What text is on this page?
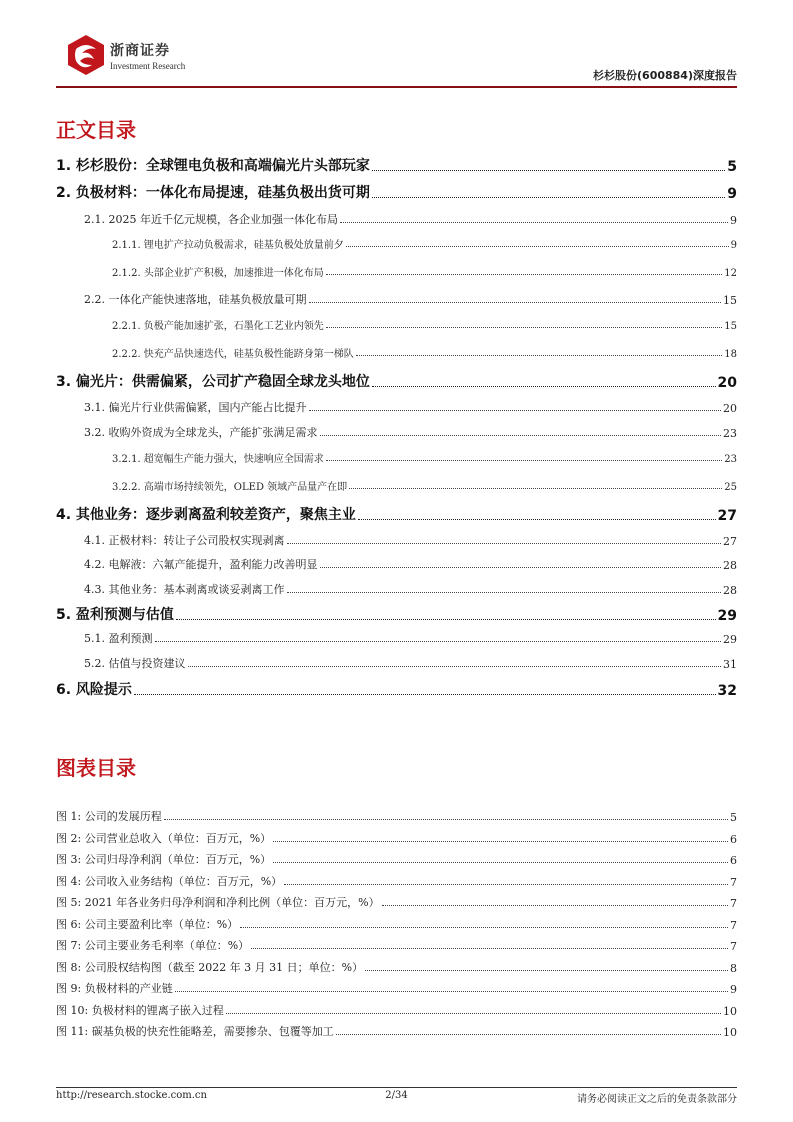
浙商证券
Investment Research
杉杉股份(600884)深度报告
正文目录
1. 杉杉股份：全球锂电负极和高端偏光片头部玩家	5
2. 负极材料：一体化布局提速，硅基负极出货可期	9
2.1. 2025 年近千亿元规模，各企业加强一体化布局	9
2.1.1. 锂电扩产拉动负极需求，硅基负极处放量前夕	9
2.1.2. 头部企业扩产积极，加速推进一体化布局	12
2.2. 一体化产能快速落地，硅基负极放量可期	15
2.2.1. 负极产能加速扩张，石墨化工艺业内领先	15
2.2.2. 快充产品快速迭代，硅基负极性能跻身第一梯队	18
3. 偏光片：供需偏紧，公司扩产稳固全球龙头地位	20
3.1. 偏光片行业供需偏紧，国内产能占比提升	20
3.2. 收购外资成为全球龙头，产能扩张满足需求	23
3.2.1. 超宽幅生产能力强大，快速响应全国需求	23
3.2.2. 高端市场持续领先，OLED 领域产品量产在即	25
4. 其他业务：逐步剥离盈利较差资产，聚焦主业	27
4.1. 正极材料：转让子公司股权实现剥离	27
4.2. 电解液：六氟产能提升，盈利能力改善明显	28
4.3. 其他业务：基本剥离或谈妥剥离工作	28
5. 盈利预测与估值	29
5.1. 盈利预测	29
5.2. 估值与投资建议	31
6. 风险提示	32
图表目录
图 1: 公司的发展历程	5
图 2: 公司营业总收入（单位：百万元，%）	6
图 3: 公司归母净利润（单位：百万元，%）	6
图 4: 公司收入业务结构（单位：百万元，%）	7
图 5: 2021 年各业务归母净利润和净利比例（单位：百万元，%）	7
图 6: 公司主要盈利比率（单位：%）	7
图 7: 公司主要业务毛利率（单位：%）	7
图 8: 公司股权结构图（截至 2022 年 3 月 31 日；单位：%）	8
图 9: 负极材料的产业链	9
图 10: 负极材料的锂离子嵌入过程	10
图 11: 碳基负极的快充性能略差，需要掺杂、包覆等加工	10
http://research.stocke.com.cn	2/34	请务必阅读正文之后的免责条款部分
